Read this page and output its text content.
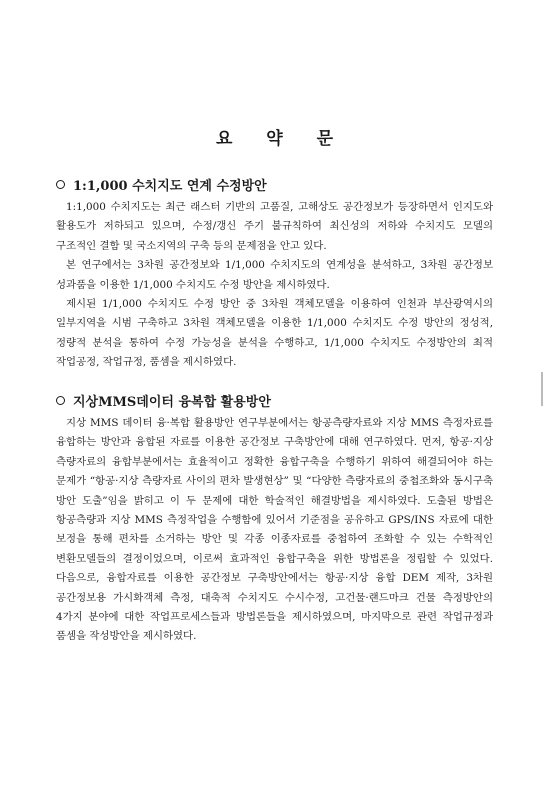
요 약 문
1:1,000 수치지도 연계 수정방안

1:1,000 수치지도는 최근 래스터 기반의 고품질, 고해상도 공간정보가 등장하면서 인지도와 활용도가 저하되고 있으며, 수정/갱신 주기 불규칙하여 최신성의 저하와 수치지도 모델의 구조적인 결함 및 국소지역의 구축 등의 문제점을 안고 있다.

본 연구에서는 3차원 공간정보와 1/1,000 수치지도의 연계성을 분석하고, 3차원 공간정보 성과품을 이용한 1/1,000 수치지도 수정 방안을 제시하였다.

제시된 1/1,000 수치지도 수정 방안 중 3차원 객체모델을 이용하여 인천과 부산광역시의 일부지역을 시범 구축하고 3차원 객체모델을 이용한 1/1,000 수치지도 수정 방안의 정성적, 정량적 분석을 통하여 수정 가능성을 분석을 수행하고, 1/1,000 수치지도 수정방안의 최적 작업공정, 작업규정, 품셈을 제시하였다.

지상MMS데이터 융복합 활용방안

지상 MMS 데이터 융·복합 활용방안 연구부분에서는 항공측량자료와 지상 MMS 측정자료를 융합하는 방안과 융합된 자료를 이용한 공간정보 구축방안에 대해 연구하였다. 먼저, 항공·지상 측량자료의 융합부분에서는 효율적이고 정확한 융합구축을 수행하기 위하여 해결되어야 하는 문제가 “항공·지상 측량자료 사이의 편차 발생현상” 및 “다양한 측량자료의 중첩조화와 동시구축 방안 도출”임을 밝히고 이 두 문제에 대한 학술적인 해결방법을 제시하였다. 도출된 방법은 항공측량과 지상 MMS 측정작업을 수행함에 있어서 기준점을 공유하고 GPS/INS 자료에 대한 보정을 통해 편차를 소거하는 방안 및 각종 이종자료를 중첩하여 조화할 수 있는 수학적인 변환모델들의 결정이었으며, 이로써 효과적인 융합구축을 위한 방법론을 정립할 수 있었다. 다음으로, 융합자료를 이용한 공간정보 구축방안에서는 항공·지상 융합 DEM 제작, 3차원 공간정보용 가시화객체 측정, 대축적 수치지도 수시수정, 고건물·랜드마크 건물 측정방안의 4가지 분야에 대한 작업프로세스들과 방법론들을 제시하였으며, 마지막으로 관련 작업규정과 품셈을 작성방안을 제시하였다.
